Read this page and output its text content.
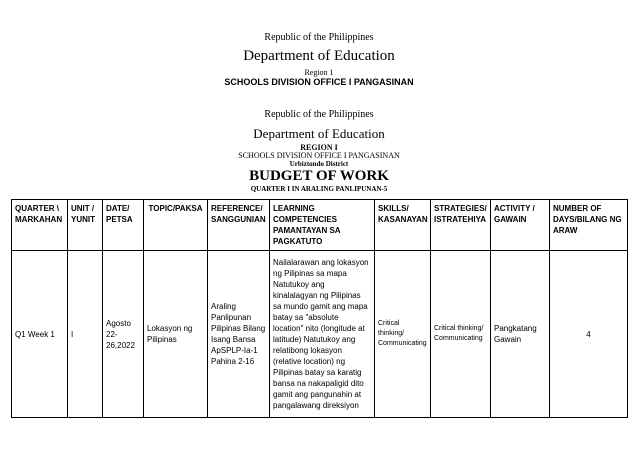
Republic of the Philippines
Department of Education
Region 1
SCHOOLS DIVISION OFFICE I PANGASINAN
Republic of the Philippines
Department of Education
REGION I
SCHOOLS DIVISION OFFICE I PANGASINAN
Urbiztondo District
BUDGET OF WORK
QUARTER I IN ARALING PANLIPUNAN-5
QUARTER \ MARKAHAN	UNIT / YUNIT	DATE/ PETSA	TOPIC/PAKSA	REFERENCE/ SANGGUNIAN	LEARNING COMPETENCIES PAMANTAYAN SA PAGKATUTO	SKILLS/ KASANAYAN	STRATEGIES/ ISTRATEHIYA	ACTIVITY / GAWAIN	NUMBER OF DAYS/BILANG NG ARAW
Q1 Week 1	I	Agosto 22-26,2022	Lokasyon ng Pilipinas	Araling Panlipunan Pilipinas Bilang Isang Bansa ApSPLP-Ia-1 Pahina 2-16	Nailalarawan ang lokasyon ng Pilipinas sa mapa Natutukoy ang kinalalagyan ng Pilipinas sa mundo gamit ang mapa batay sa "absolute location" nito (longitude at latitude) Natutukoy ang relatibong lokasyon (relative location) ng Pilipinas batay sa karatig bansa na nakapaligid dito gamit ang pangunahin at pangalawang direksiyon	Critical thinking/ Communicating	Critical thinking/ Communicating	Pangkatang Gawain	4
